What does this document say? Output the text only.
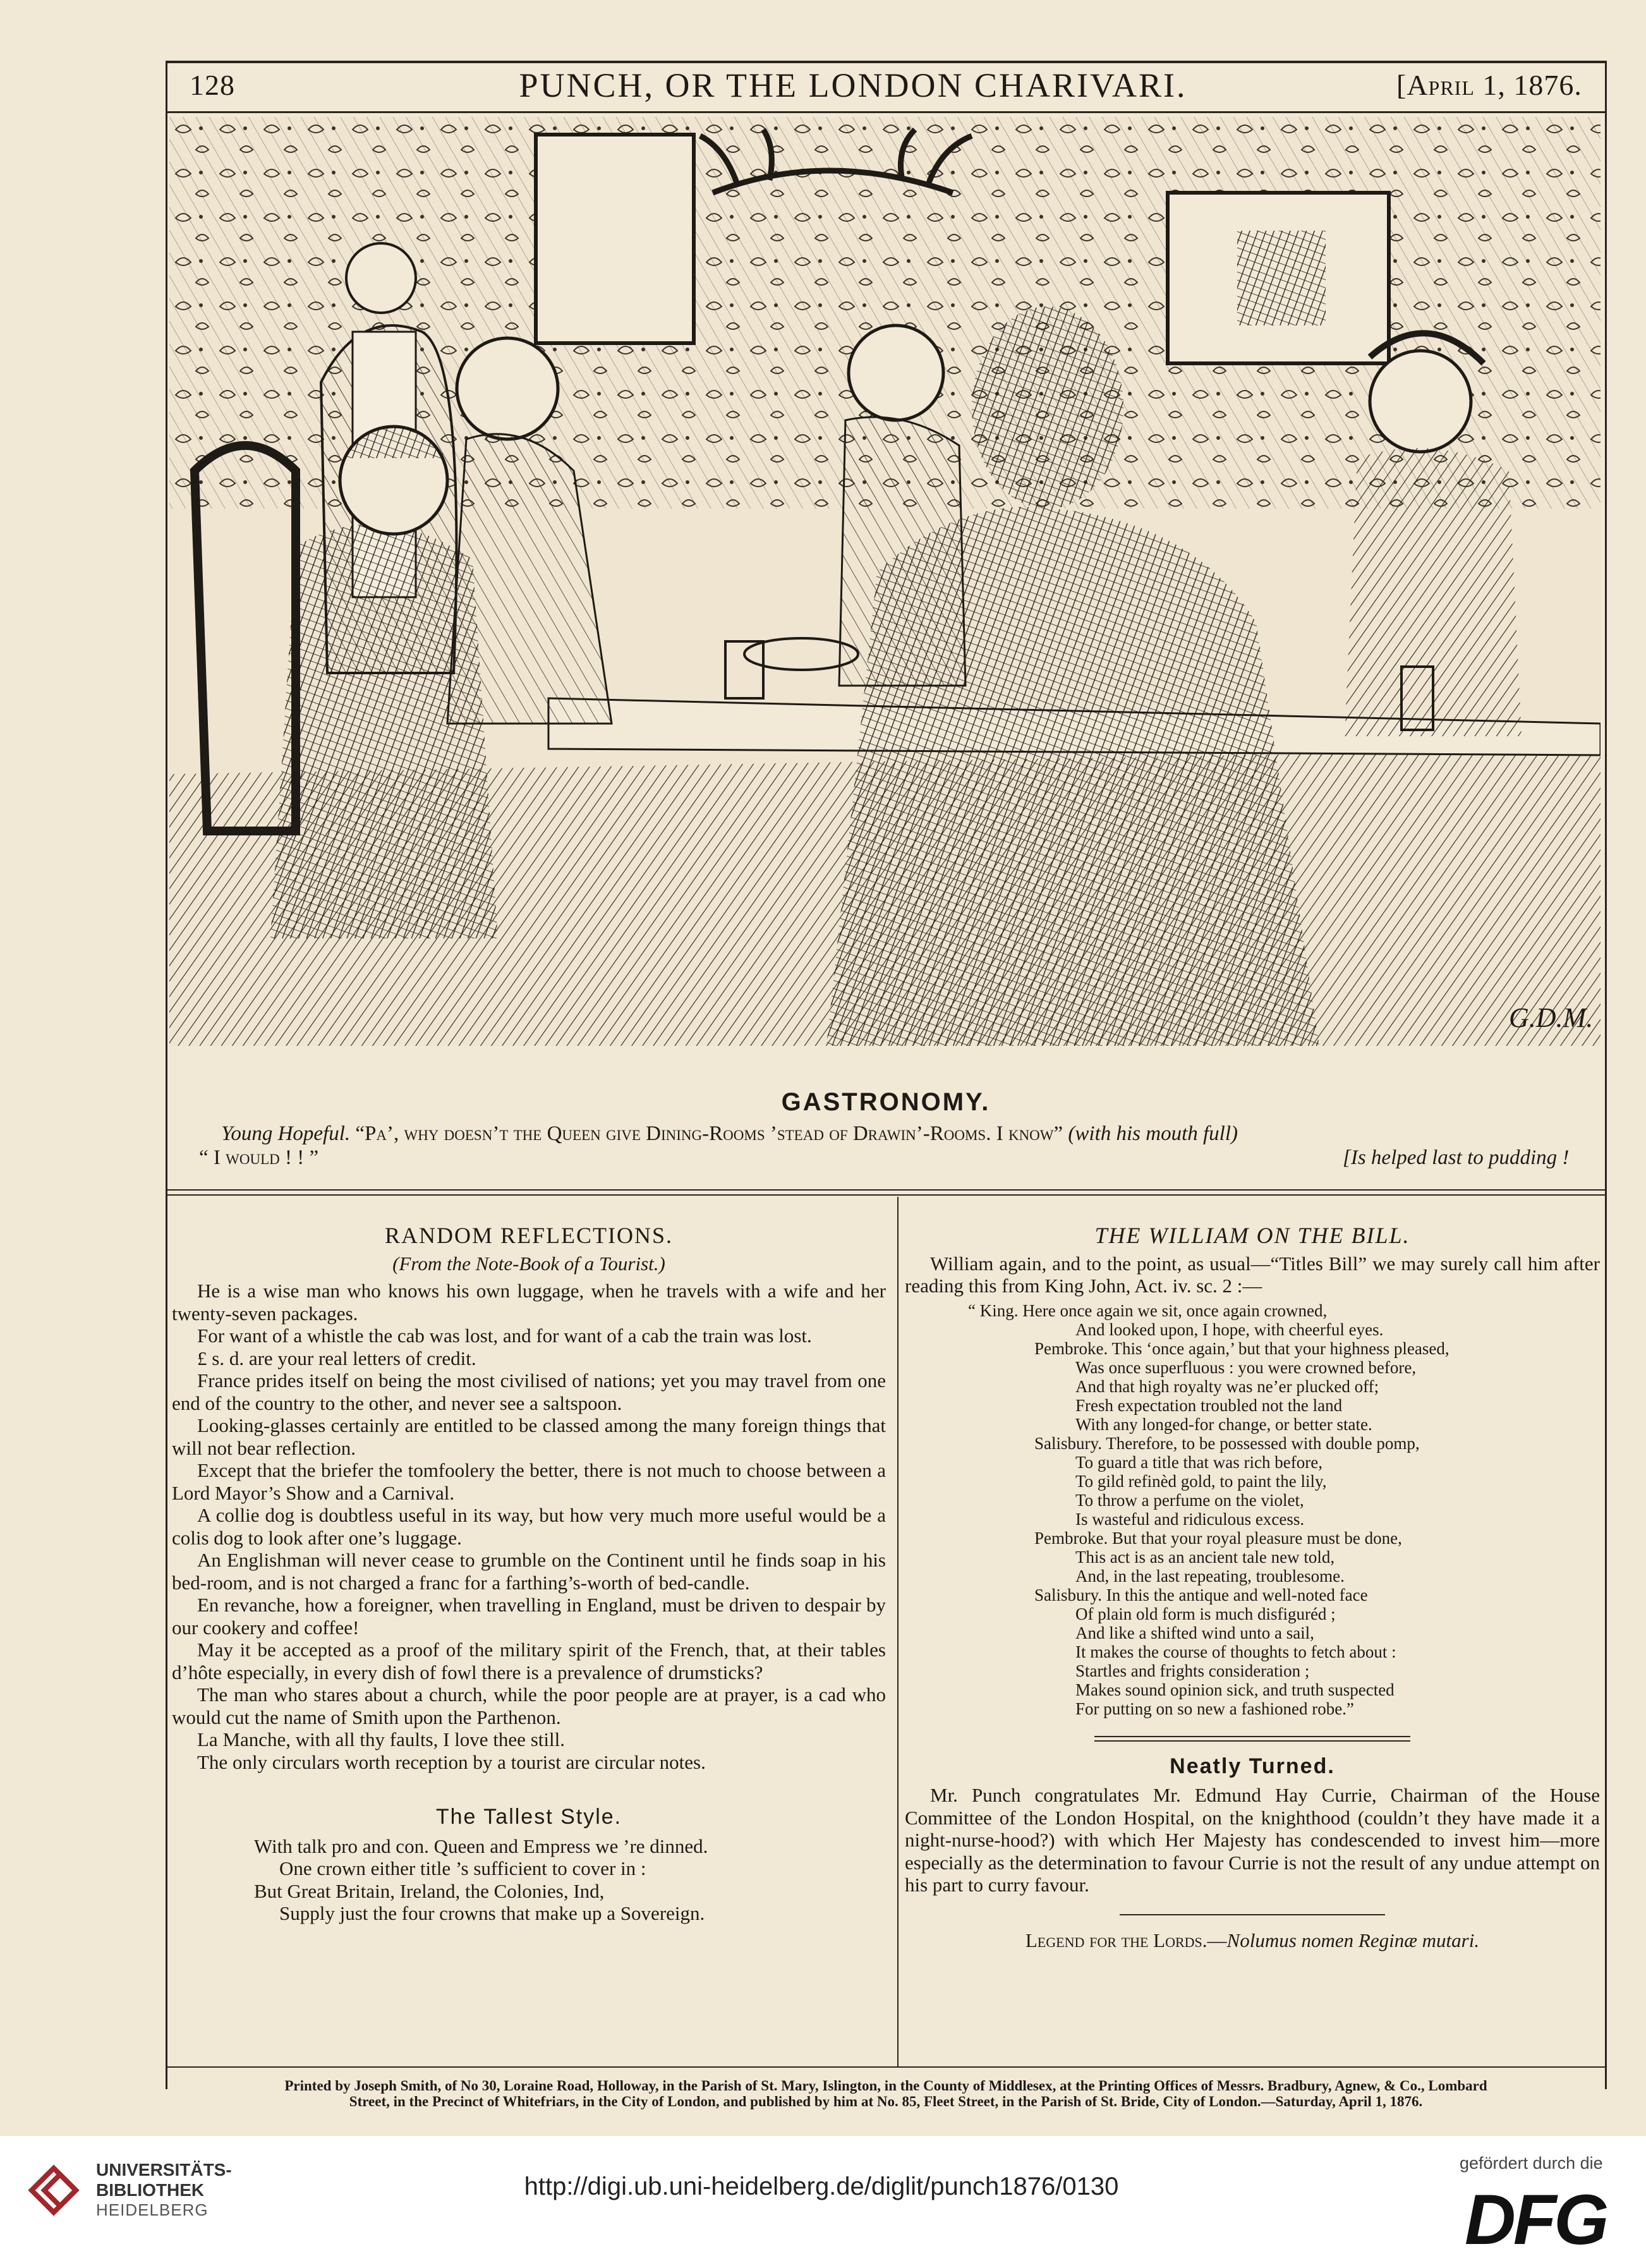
128	PUNCH, OR THE LONDON CHARIVARI.	[April 1, 1876.
G.D.M.
GASTRONOMY.
Young Hopeful. “Pa’, why doesn’t the Queen give Dining-Rooms ’stead of Drawin’-Rooms. I know” (with his mouth full)
“ I would ! ! ”	[Is helped last to pudding !

RANDOM REFLECTIONS.

(From the Note-Book of a Tourist.)

He is a wise man who knows his own luggage, when he travels with a wife and her twenty-seven packages.

For want of a whistle the cab was lost, and for want of a cab the train was lost.

£ s. d. are your real letters of credit.

France prides itself on being the most civilised of nations; yet you may travel from one end of the country to the other, and never see a saltspoon.

Looking-glasses certainly are entitled to be classed among the many foreign things that will not bear reflection.

Except that the briefer the tomfoolery the better, there is not much to choose between a Lord Mayor’s Show and a Carnival.

A collie dog is doubtless useful in its way, but how very much more useful would be a colis dog to look after one’s luggage.

An Englishman will never cease to grumble on the Continent until he finds soap in his bed-room, and is not charged a franc for a farthing’s-worth of bed-candle.

En revanche, how a foreigner, when travelling in England, must be driven to despair by our cookery and coffee!

May it be accepted as a proof of the military spirit of the French, that, at their tables d’hôte especially, in every dish of fowl there is a prevalence of drumsticks?

The man who stares about a church, while the poor people are at prayer, is a cad who would cut the name of Smith upon the Parthenon.

La Manche, with all thy faults, I love thee still.

The only circulars worth reception by a tourist are circular notes.

The Tallest Style.

With talk pro and con. Queen and Empress we ’re dinned.

One crown either title ’s sufficient to cover in :

But Great Britain, Ireland, the Colonies, Ind,

Supply just the four crowns that make up a Sovereign.

THE WILLIAM ON THE BILL.

William again, and to the point, as usual—“Titles Bill” we may surely call him after reading this from King John, Act. iv. sc. 2 :—

“ King. Here once again we sit, once again crowned,

And looked upon, I hope, with cheerful eyes.

Pembroke. This ‘once again,’ but that your highness pleased,

Was once superfluous : you were crowned before,

And that high royalty was ne’er plucked off;

Fresh expectation troubled not the land

With any longed-for change, or better state.

Salisbury. Therefore, to be possessed with double pomp,

To guard a title that was rich before,

To gild refinèd gold, to paint the lily,

To throw a perfume on the violet,

Is wasteful and ridiculous excess.

Pembroke. But that your royal pleasure must be done,

This act is as an ancient tale new told,

And, in the last repeating, troublesome.

Salisbury. In this the antique and well-noted face

Of plain old form is much disfiguréd ;

And like a shifted wind unto a sail,

It makes the course of thoughts to fetch about :

Startles and frights consideration ;

Makes sound opinion sick, and truth suspected

For putting on so new a fashioned robe.”

Neatly Turned.

Mr. Punch congratulates Mr. Edmund Hay Currie, Chairman of the House Committee of the London Hospital, on the knighthood (couldn’t they have made it a night-nurse-hood?) with which Her Majesty has condescended to invest him—more especially as the determination to favour Currie is not the result of any undue attempt on his part to curry favour.

Legend for the Lords.—Nolumus nomen Reginæ mutari.

Printed by Joseph Smith, of No 30, Loraine Road, Holloway, in the Parish of St. Mary, Islington, in the County of Middlesex, at the Printing Offices of Messrs. Bradbury, Agnew, & Co., Lombard
Street, in the Precinct of Whitefriars, in the City of London, and published by him at No. 85, Fleet Street, in the Parish of St. Bride, City of London.—Saturday, April 1, 1876.
UNIVERSITÄTS-
BIBLIOTHEK
HEIDELBERG
http://digi.ub.uni-heidelberg.de/diglit/punch1876/0130
gefördert durch die
DFG
